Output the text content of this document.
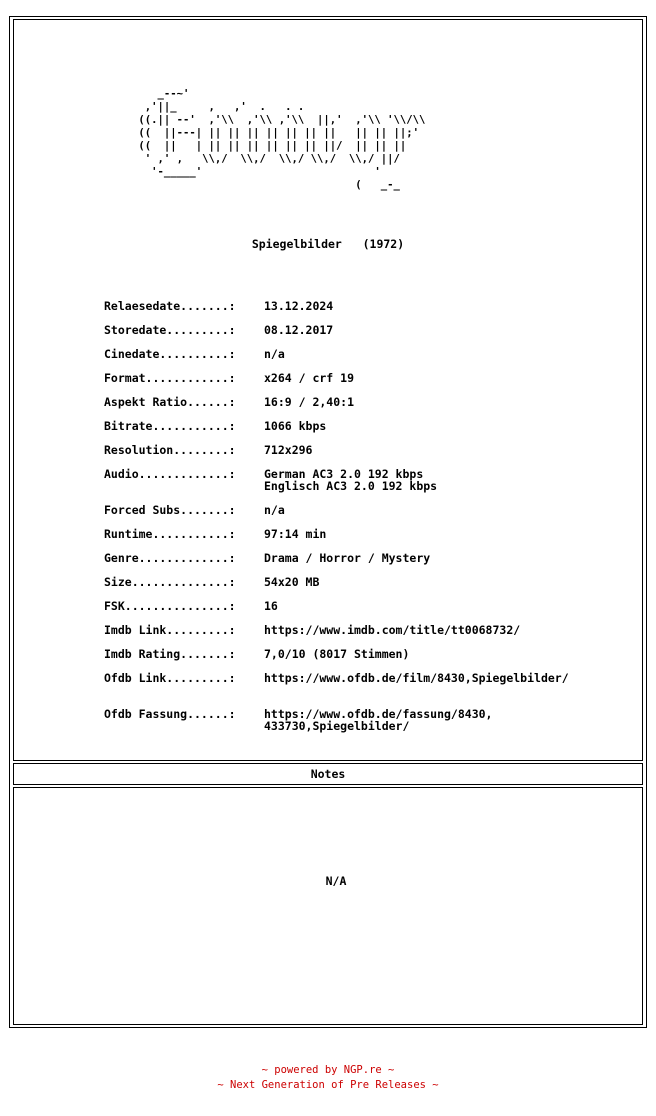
_--~'
,'||_     ,   ,'  .   . .
((.|| --'  ,'\\  ,'\\ ,'\\  ||,'  ,'\\ '\\/\\
((  ||---| || || || || || || ||   || || ||;'
((  ||   | || || || || || || ||/  || || ||
' ,' ,   \\,/  \\,/  \\,/ \\,/  \\,/ ||/
'-_____'                           '
(   _-_
Spiegelbilder   (1972)
Relaesedate.......:	13.12.2024
Storedate.........:	08.12.2017
Cinedate..........:	n/a
Format............:	x264 / crf 19
Aspekt Ratio......:	16:9 / 2,40:1
Bitrate...........:	1066 kbps
Resolution........:	712x296
Audio.............:	German AC3 2.0 192 kbps
Englisch AC3 2.0 192 kbps
Forced Subs.......:	n/a
Runtime...........:	97:14 min
Genre.............:	Drama / Horror / Mystery
Size..............:	54x20 MB
FSK...............:	16
Imdb Link.........:	https://www.imdb.com/title/tt0068732/
Imdb Rating.......:	7,0/10 (8017 Stimmen)
Ofdb Link.........:	https://www.ofdb.de/film/8430,Spiegelbilder/
Ofdb Fassung......:	https://www.ofdb.de/fassung/8430,
433730,Spiegelbilder/
Notes
N/A
~ powered by NGP.re ~
~ Next Generation of Pre Releases ~
